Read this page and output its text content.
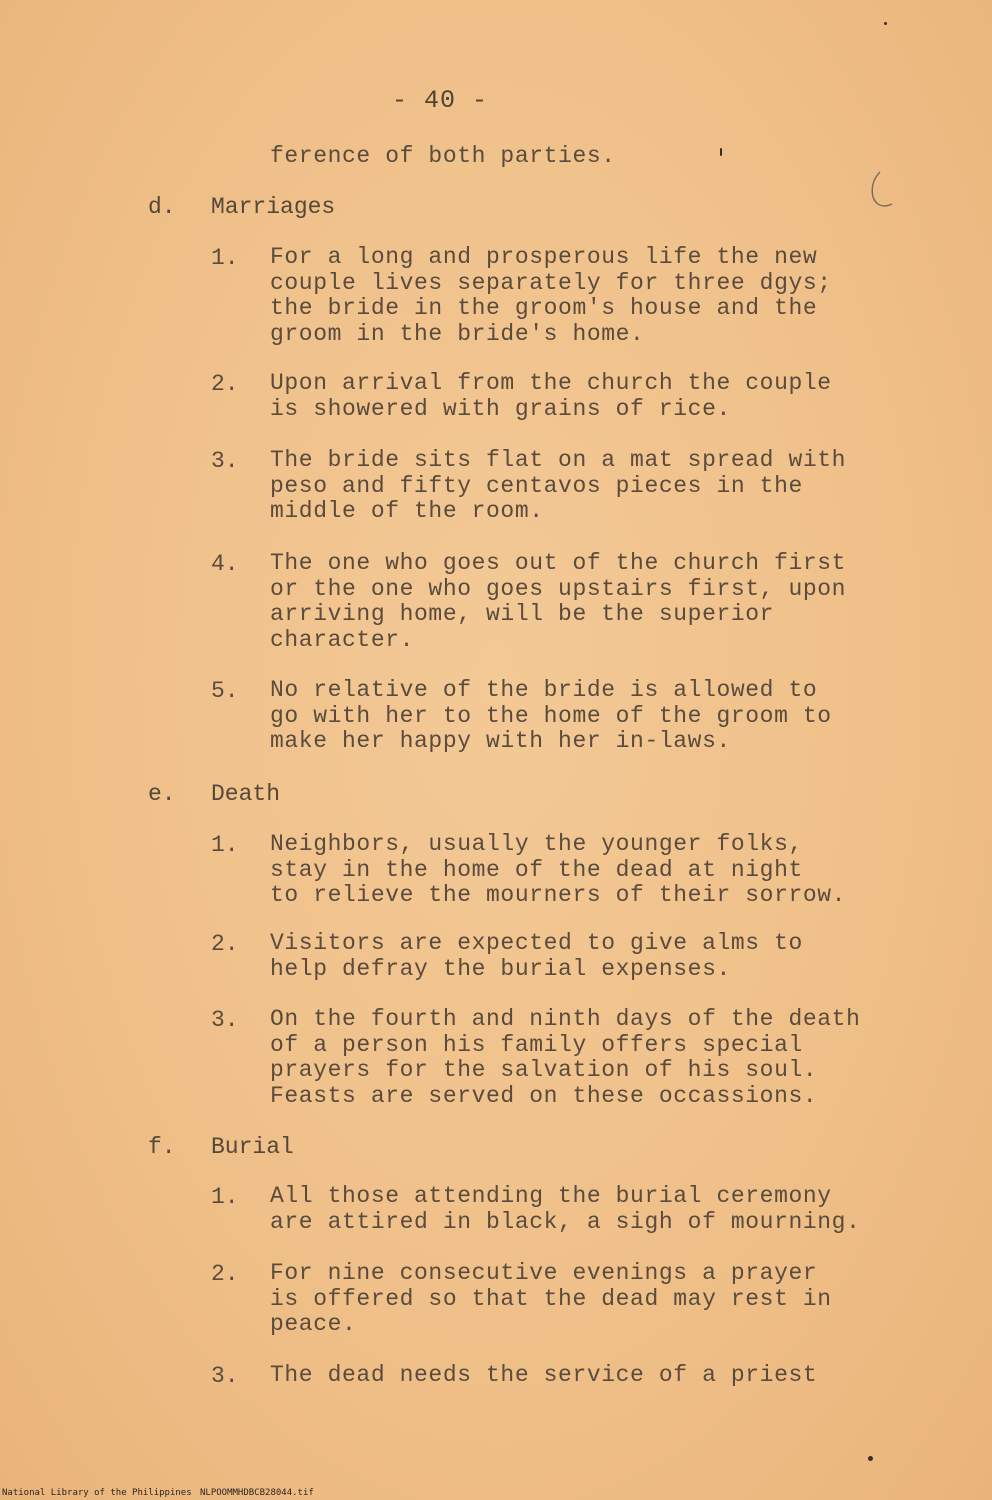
- 40 -
ference of both parties.
d. Marriages
1. For a long and prosperous life the new
couple lives separately for three dgys;
the bride in the groom's house and the
groom in the bride's home.
2. Upon arrival from the church the couple
is showered with grains of rice.
3. The bride sits flat on a mat spread with
peso and fifty centavos pieces in the
middle of the room.
4. The one who goes out of the church first
or the one who goes upstairs first, upon
arriving home, will be the superior
character.
5. No relative of the bride is allowed to
go with her to the home of the groom to
make her happy with her in-laws.
e. Death
1. Neighbors, usually the younger folks,
stay in the home of the dead at night
to relieve the mourners of their sorrow.
2. Visitors are expected to give alms to
help defray the burial expenses.
3. On the fourth and ninth days of the death
of a person his family offers special
prayers for the salvation of his soul.
Feasts are served on these occassions.
f. Burial
1. All those attending the burial ceremony
are attired in black, a sigh of mourning.
2. For nine consecutive evenings a prayer
is offered so that the dead may rest in
peace.
3. The dead needs the service of a priest
National Library of the Philippines NLPOOMMHDBCB28044.tif
